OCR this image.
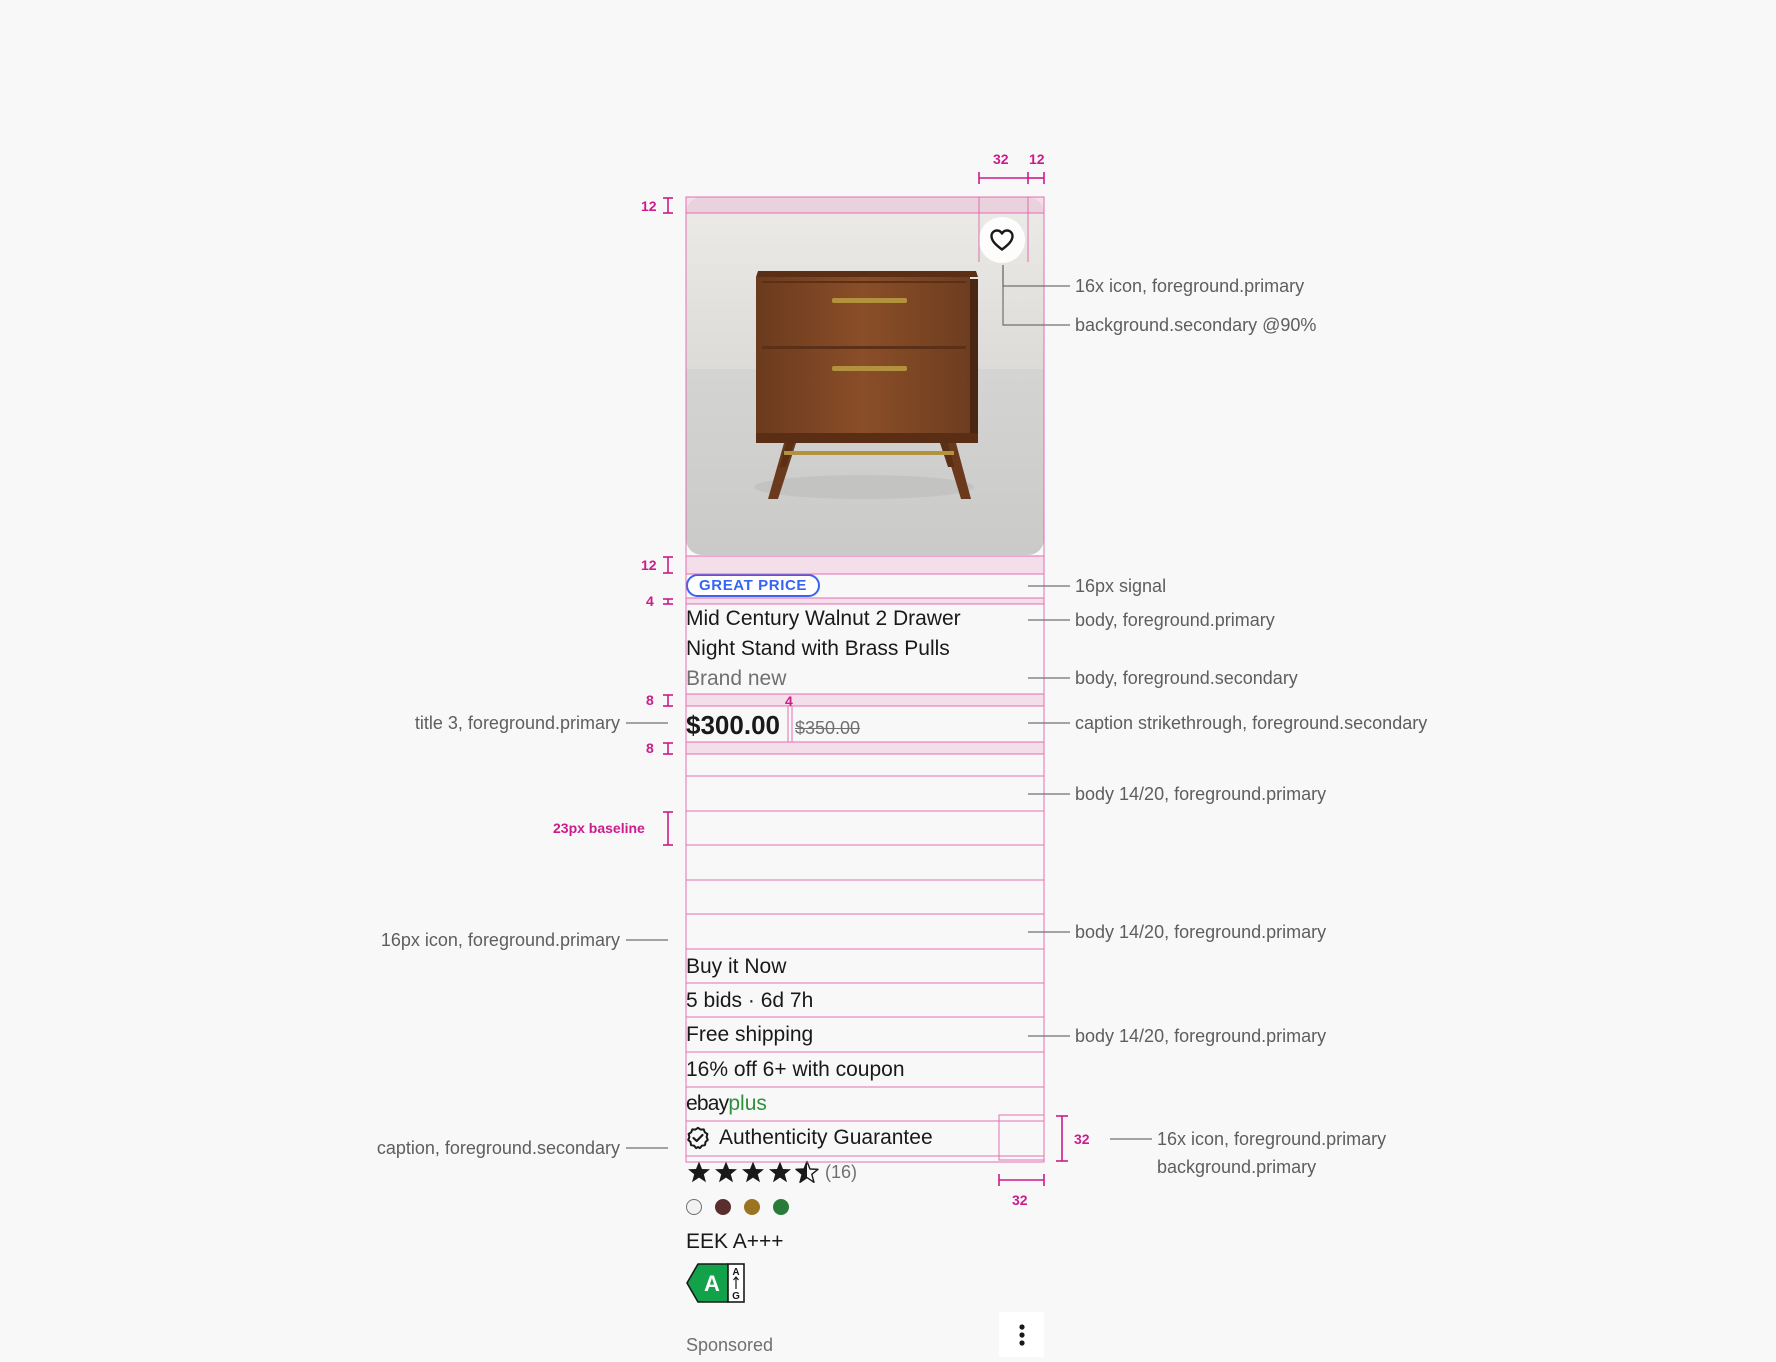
GREAT PRICE
Mid Century Walnut 2 Drawer
Night Stand with Brass Pulls
Brand new
$300.00 $350.00
Buy it Now
5 bids · 6d 7h
Free shipping
16% off 6+ with coupon
ebayplus
Authenticity Guarantee
(16)
EEK A+++
A A
G
Sponsored
32 12
12
12
4
8	4
8
23px baseline
32
32
16x icon, foreground.primary
background.secondary @90%
16px signal
body, foreground.primary
body, foreground.secondary
caption strikethrough, foreground.secondary
body 14/20, foreground.primary
body 14/20, foreground.primary
body 14/20, foreground.primary
16x icon, foreground.primary
background.primary
title 3, foreground.primary
16px icon, foreground.primary
caption, foreground.secondary
